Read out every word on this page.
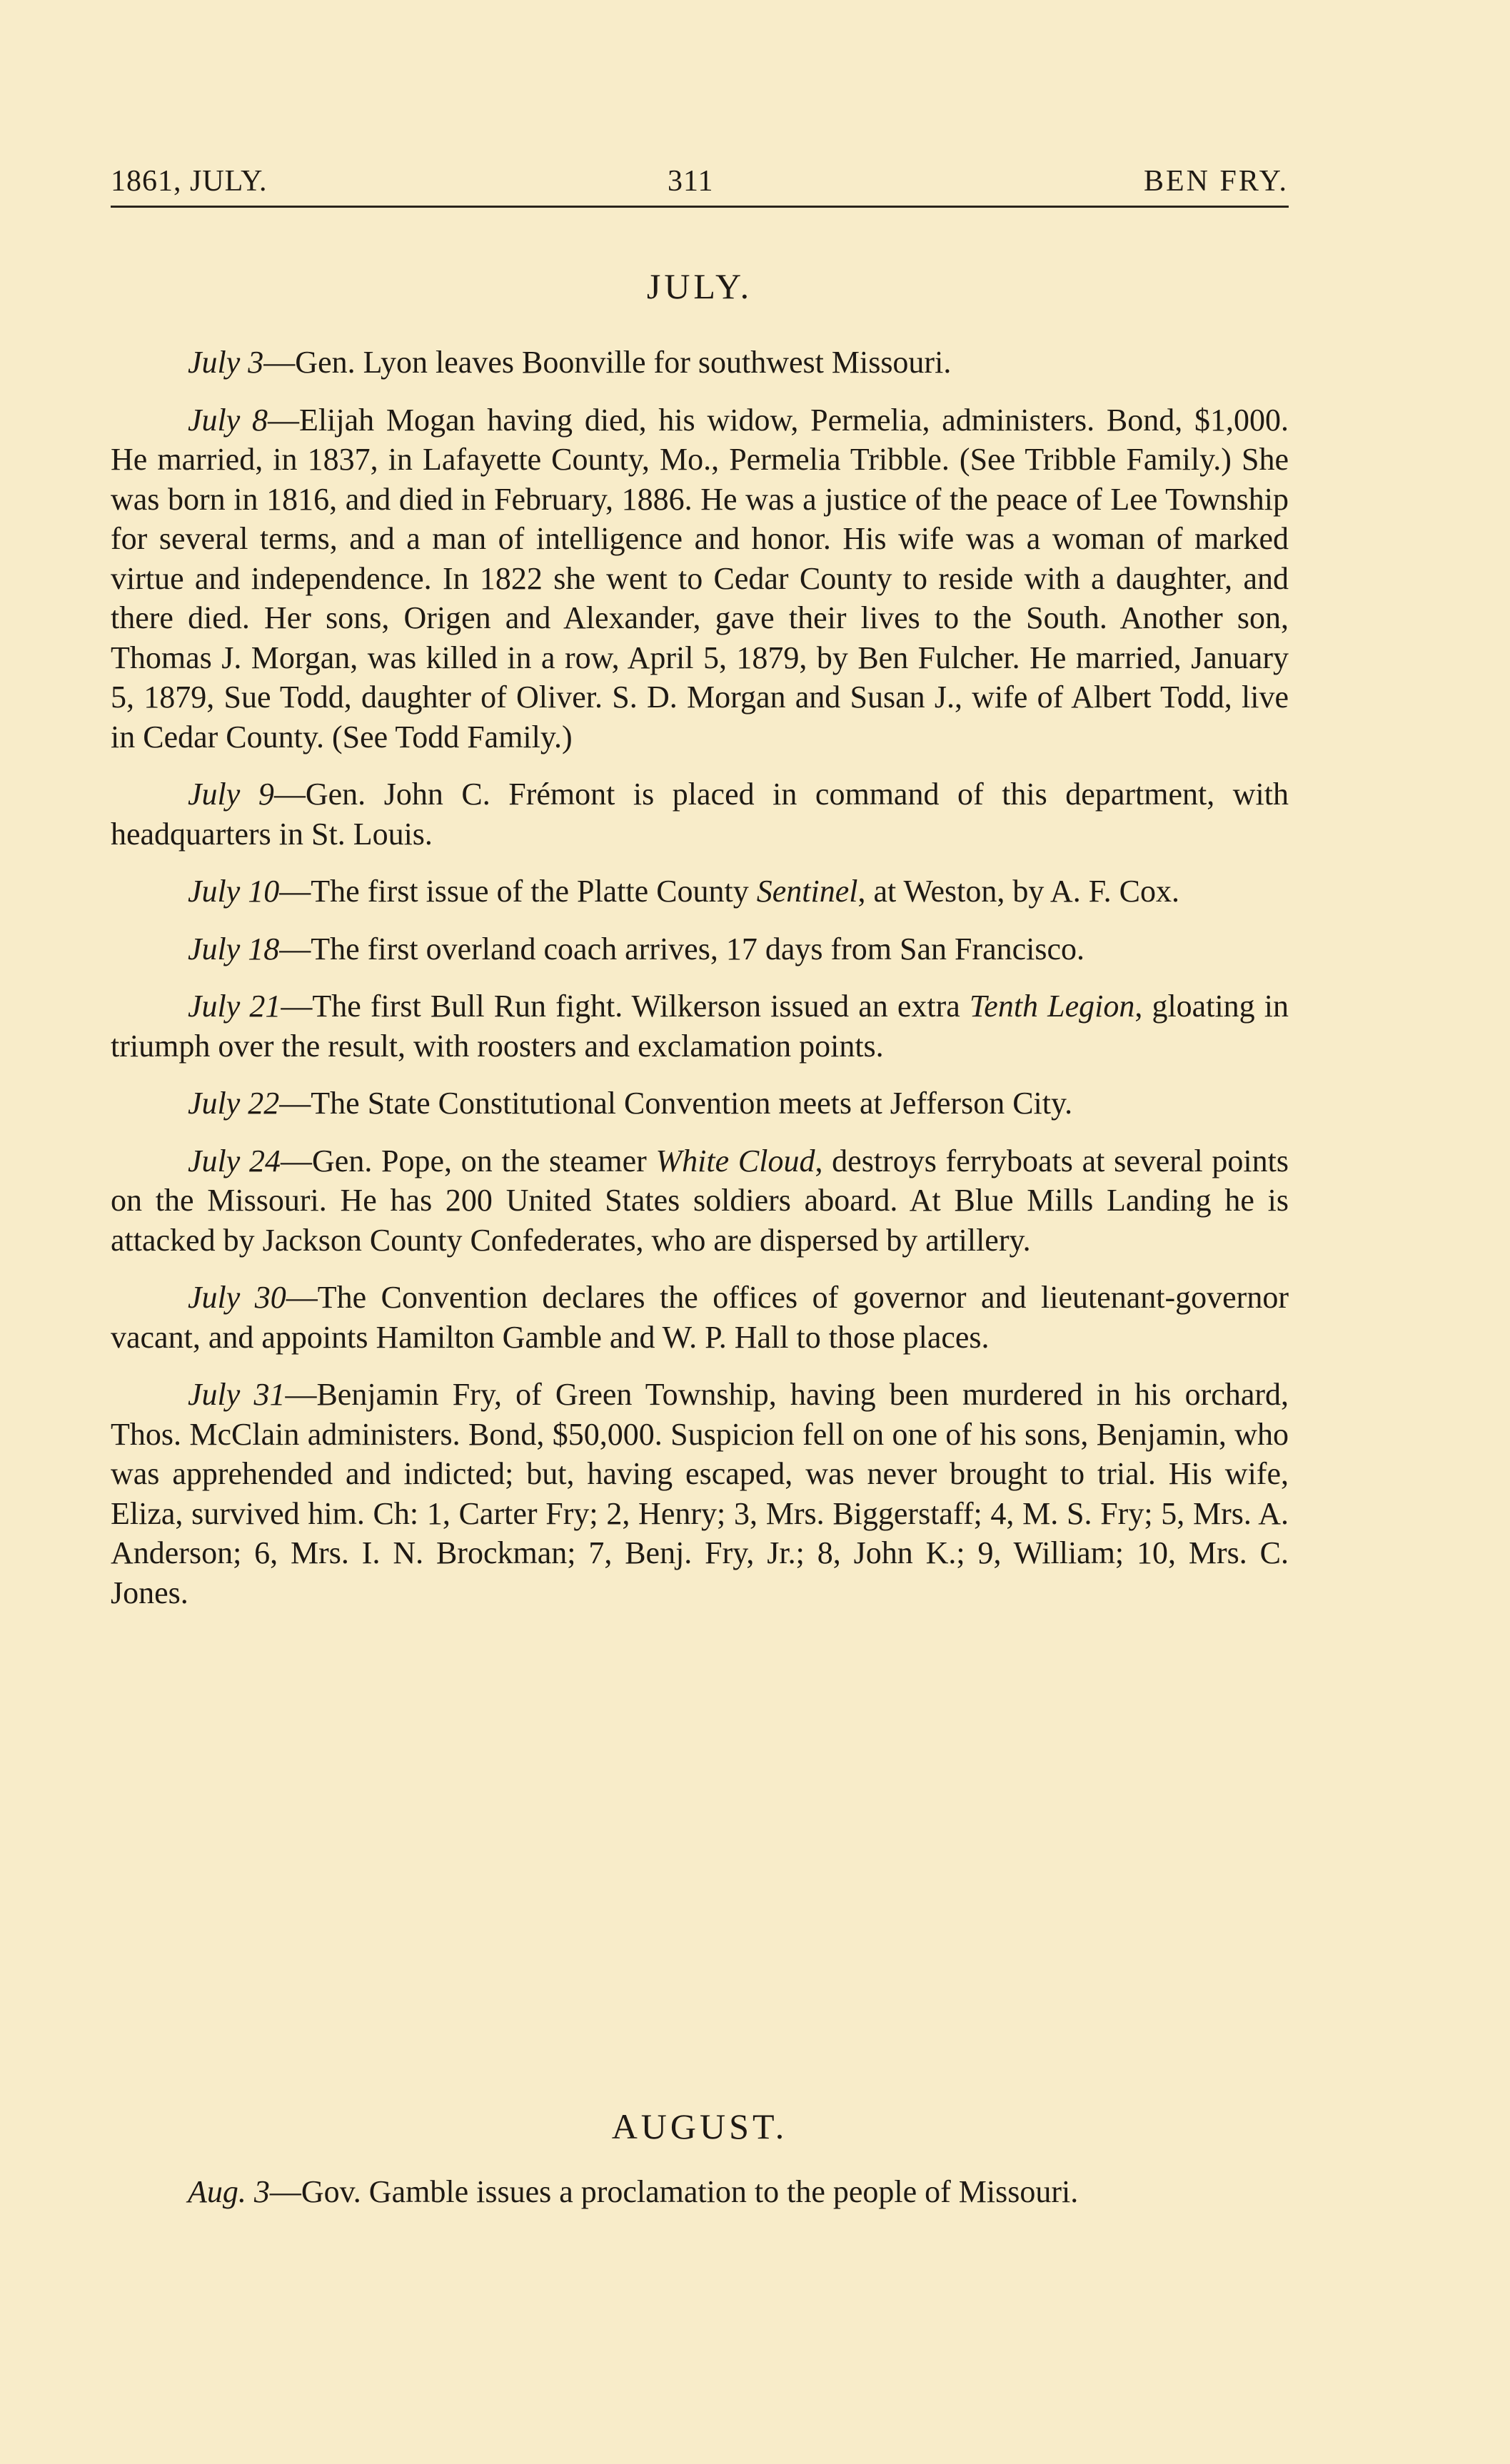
1861, JULY.	311	BEN FRY.
JULY.

July 3—Gen. Lyon leaves Boonville for southwest Missouri.

July 8—Elijah Mogan having died, his widow, Permelia, administers. Bond, $1,000. He married, in 1837, in Lafayette County, Mo., Permelia Tribble. (See Tribble Family.) She was born in 1816, and died in February, 1886. He was a justice of the peace of Lee Township for several terms, and a man of intelligence and honor. His wife was a woman of marked virtue and independence. In 1822 she went to Cedar County to reside with a daughter, and there died. Her sons, Origen and Alexander, gave their lives to the South. Another son, Thomas J. Morgan, was killed in a row, April 5, 1879, by Ben Fulcher. He married, January 5, 1879, Sue Todd, daughter of Oliver. S. D. Morgan and Susan J., wife of Albert Todd, live in Cedar County. (See Todd Family.)

July 9—Gen. John C. Frémont is placed in command of this department, with headquarters in St. Louis.

July 10—The first issue of the Platte County Sentinel, at Weston, by A. F. Cox.

July 18—The first overland coach arrives, 17 days from San Francisco.

July 21—The first Bull Run fight. Wilkerson issued an extra Tenth Legion, gloating in triumph over the result, with roosters and exclamation points.

July 22—The State Constitutional Convention meets at Jefferson City.

July 24—Gen. Pope, on the steamer White Cloud, destroys ferryboats at several points on the Missouri. He has 200 United States soldiers aboard. At Blue Mills Landing he is attacked by Jackson County Confederates, who are dispersed by artillery.

July 30—The Convention declares the offices of governor and lieutenant-governor vacant, and appoints Hamilton Gamble and W. P. Hall to those places.

July 31—Benjamin Fry, of Green Township, having been murdered in his orchard, Thos. McClain administers. Bond, $50,000. Suspicion fell on one of his sons, Benjamin, who was apprehended and indicted; but, having escaped, was never brought to trial. His wife, Eliza, survived him. Ch: 1, Carter Fry; 2, Henry; 3, Mrs. Biggerstaff; 4, M. S. Fry; 5, Mrs. A. Anderson; 6, Mrs. I. N. Brockman; 7, Benj. Fry, Jr.; 8, John K.; 9, William; 10, Mrs. C. Jones.

AUGUST.

Aug. 3—Gov. Gamble issues a proclamation to the people of Missouri.
